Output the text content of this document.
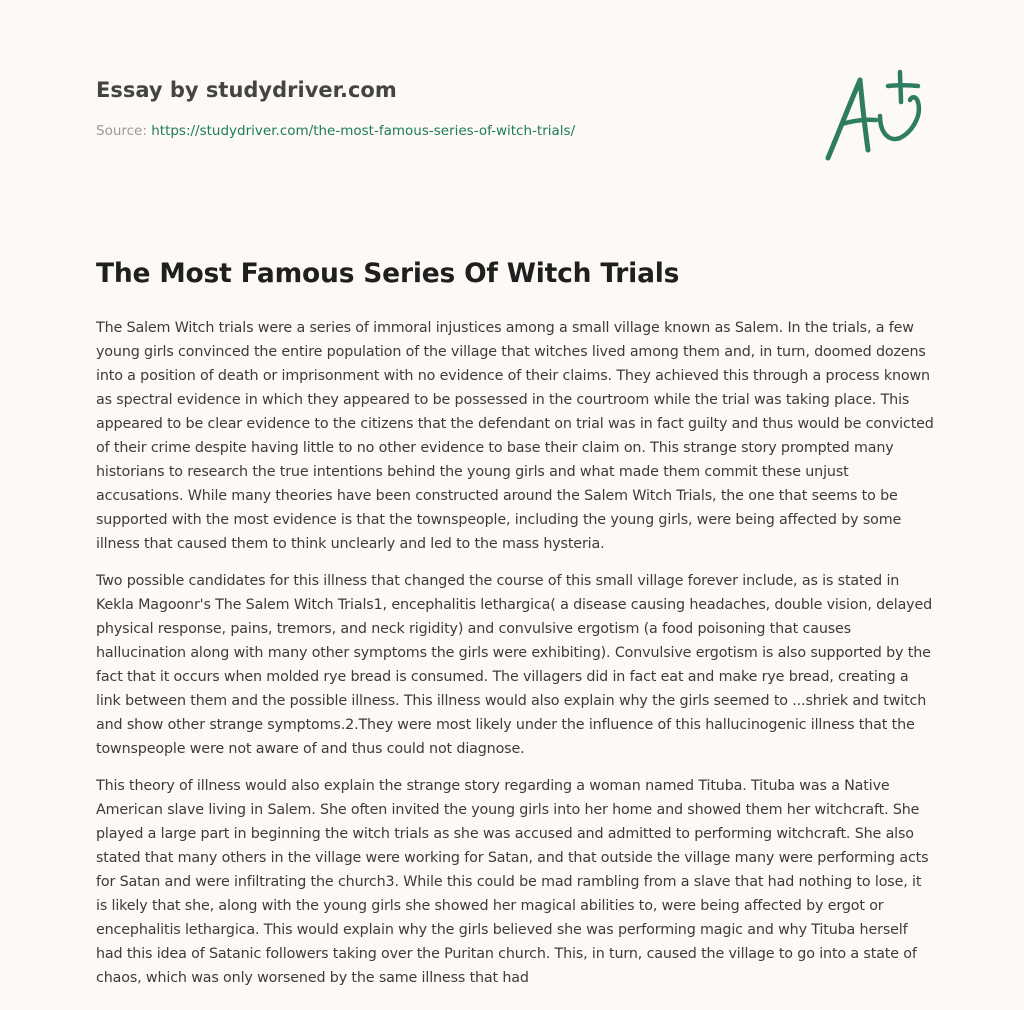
Essay by studydriver.com
Source: https://studydriver.com/the-most-famous-series-of-witch-trials/
The Most Famous Series Of Witch Trials

The Salem Witch trials were a series of immoral injustices among a small village known as Salem. In the trials, a few young girls convinced the entire population of the village that witches lived among them and, in turn, doomed dozens into a position of death or imprisonment with no evidence of their claims. They achieved this through a process known as spectral evidence in which they appeared to be possessed in the courtroom while the trial was taking place. This appeared to be clear evidence to the citizens that the defendant on trial was in fact guilty and thus would be convicted of their crime despite having little to no other evidence to base their claim on. This strange story prompted many historians to research the true intentions behind the young girls and what made them commit these unjust accusations. While many theories have been constructed around the Salem Witch Trials, the one that seems to be supported with the most evidence is that the townspeople, including the young girls, were being affected by some illness that caused them to think unclearly and led to the mass hysteria.

Two possible candidates for this illness that changed the course of this small village forever include, as is stated in Kekla Magoonr's The Salem Witch Trials1, encephalitis lethargica( a disease causing headaches, double vision, delayed physical response, pains, tremors, and neck rigidity) and convulsive ergotism (a food poisoning that causes hallucination along with many other symptoms the girls were exhibiting). Convulsive ergotism is also supported by the fact that it occurs when molded rye bread is consumed. The villagers did in fact eat and make rye bread, creating a link between them and the possible illness. This illness would also explain why the girls seemed to ...shriek and twitch and show other strange symptoms.2.They were most likely under the influence of this hallucinogenic illness that the townspeople were not aware of and thus could not diagnose.

This theory of illness would also explain the strange story regarding a woman named Tituba. Tituba was a Native American slave living in Salem. She often invited the young girls into her home and showed them her witchcraft. She played a large part in beginning the witch trials as she was accused and admitted to performing witchcraft. She also stated that many others in the village were working for Satan, and that outside the village many were performing acts for Satan and were infiltrating the church3. While this could be mad rambling from a slave that had nothing to lose, it is likely that she, along with the young girls she showed her magical abilities to, were being affected by ergot or encephalitis lethargica. This would explain why the girls believed she was performing magic and why Tituba herself had this idea of Satanic followers taking over the Puritan church. This, in turn, caused the village to go into a state of chaos, which was only worsened by the same illness that had
